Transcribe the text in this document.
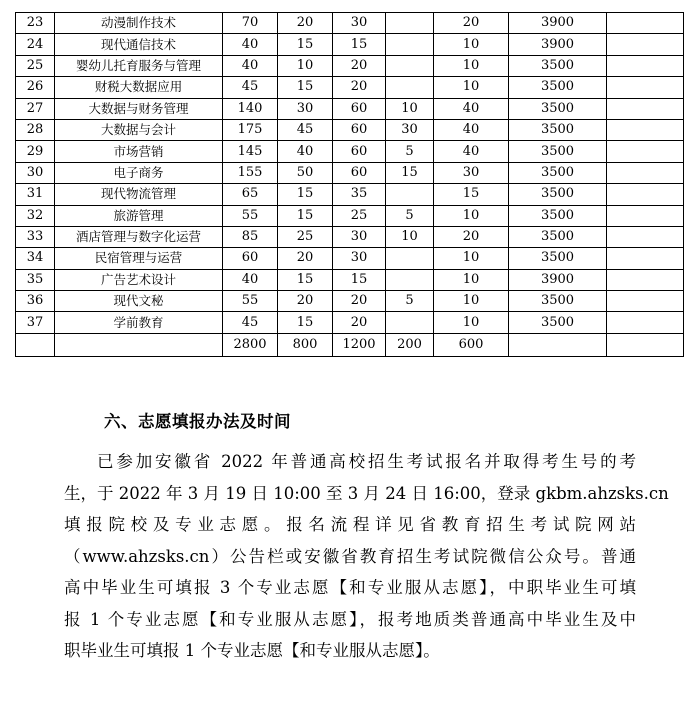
23	动漫制作技术	70	20	30		20	3900	
24	现代通信技术	40	15	15		10	3900	
25	婴幼儿托育服务与管理	40	10	20		10	3500	
26	财税大数据应用	45	15	20		10	3500	
27	大数据与财务管理	140	30	60	10	40	3500	
28	大数据与会计	175	45	60	30	40	3500	
29	市场营销	145	40	60	5	40	3500	
30	电子商务	155	50	60	15	30	3500	
31	现代物流管理	65	15	35		15	3500	
32	旅游管理	55	15	25	5	10	3500	
33	酒店管理与数字化运营	85	25	30	10	20	3500	
34	民宿管理与运营	60	20	30		10	3500	
35	广告艺术设计	40	15	15		10	3900	
36	现代文秘	55	20	20	5	10	3500	
37	学前教育	45	15	20		10	3500	
		2800	800	1200	200	600		
六、志愿填报办法及时间
已参加安徽省 2022 年普通高校招生考试报名并取得考生号的考
生，于 2022 年 3 月 19 日 10:00 至 3 月 24 日 16:00，登录 gkbm.ahzsks.cn
填报院校及专业志愿。报名流程详见省教育招生考试院网站
（www.ahzsks.cn）公告栏或安徽省教育招生考试院微信公众号。普通
高中毕业生可填报 3 个专业志愿【和专业服从志愿】，中职毕业生可填
报 1 个专业志愿【和专业服从志愿】，报考地质类普通高中毕业生及中
职毕业生可填报 1 个专业志愿【和专业服从志愿】。
